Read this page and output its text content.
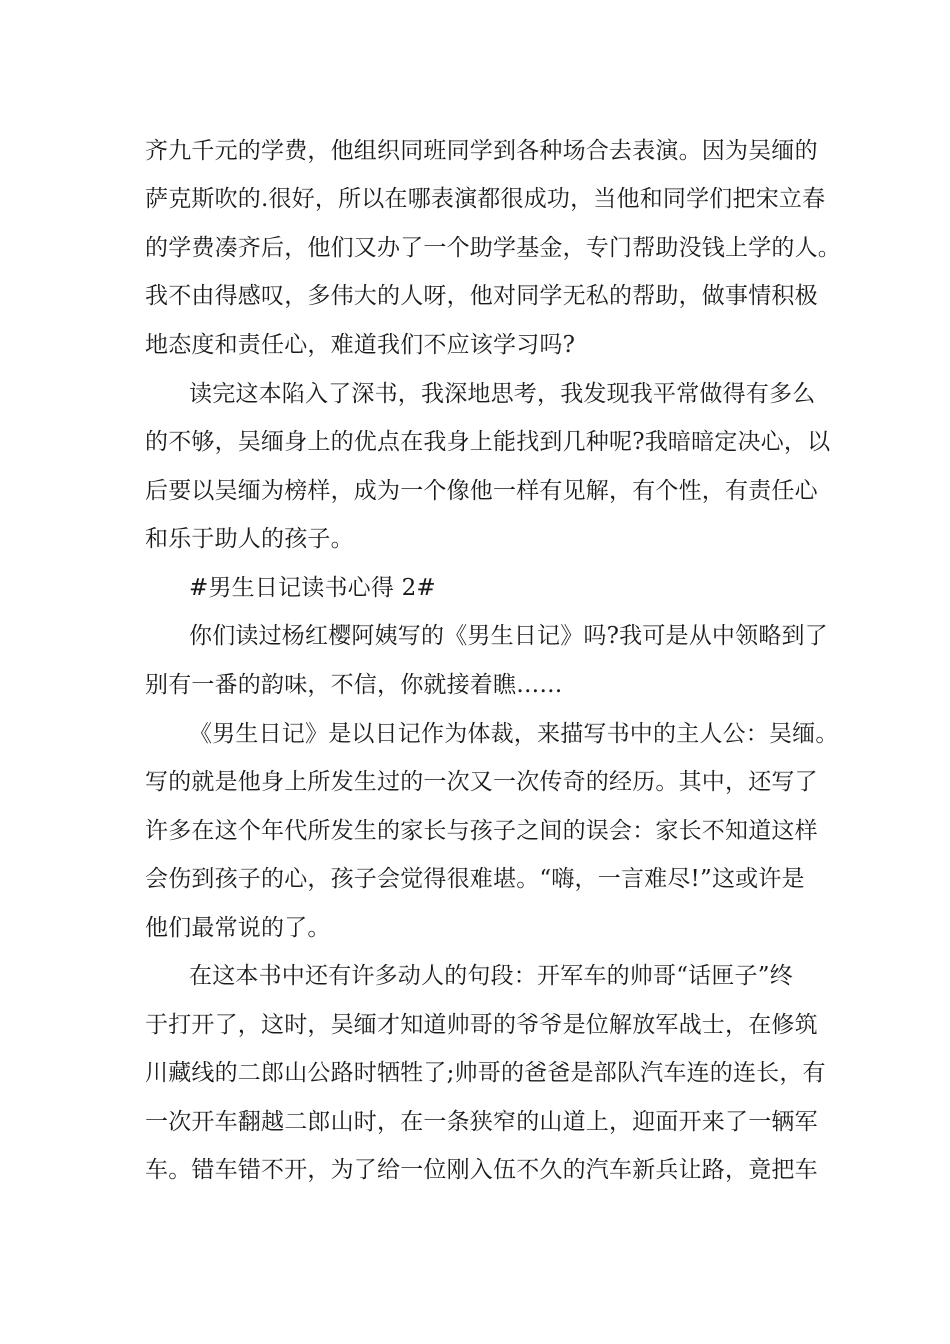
齐九千元的学费，他组织同班同学到各种场合去表演。因为吴缅的
萨克斯吹的.很好，所以在哪表演都很成功，当他和同学们把宋立春
的学费凑齐后，他们又办了一个助学基金，专门帮助没钱上学的人。
我不由得感叹，多伟大的人呀，他对同学无私的帮助，做事情积极
地态度和责任心，难道我们不应该学习吗?
读完这本陷入了深书，我深地思考，我发现我平常做得有多么
的不够，吴缅身上的优点在我身上能找到几种呢?我暗暗定决心，以
后要以吴缅为榜样，成为一个像他一样有见解，有个性，有责任心
和乐于助人的孩子。
#男生日记读书心得 2#
你们读过杨红樱阿姨写的《男生日记》吗?我可是从中领略到了
别有一番的韵味，不信，你就接着瞧……
《男生日记》是以日记作为体裁，来描写书中的主人公：吴缅。
写的就是他身上所发生过的一次又一次传奇的经历。其中，还写了
许多在这个年代所发生的家长与孩子之间的误会：家长不知道这样
会伤到孩子的心，孩子会觉得很难堪。“嗨，一言难尽!”这或许是
他们最常说的了。
在这本书中还有许多动人的句段：开军车的帅哥“话匣子”终
于打开了，这时，吴缅才知道帅哥的爷爷是位解放军战士，在修筑
川藏线的二郎山公路时牺牲了;帅哥的爸爸是部队汽车连的连长，有
一次开车翻越二郎山时，在一条狭窄的山道上，迎面开来了一辆军
车。错车错不开，为了给一位刚入伍不久的汽车新兵让路，竟把车
